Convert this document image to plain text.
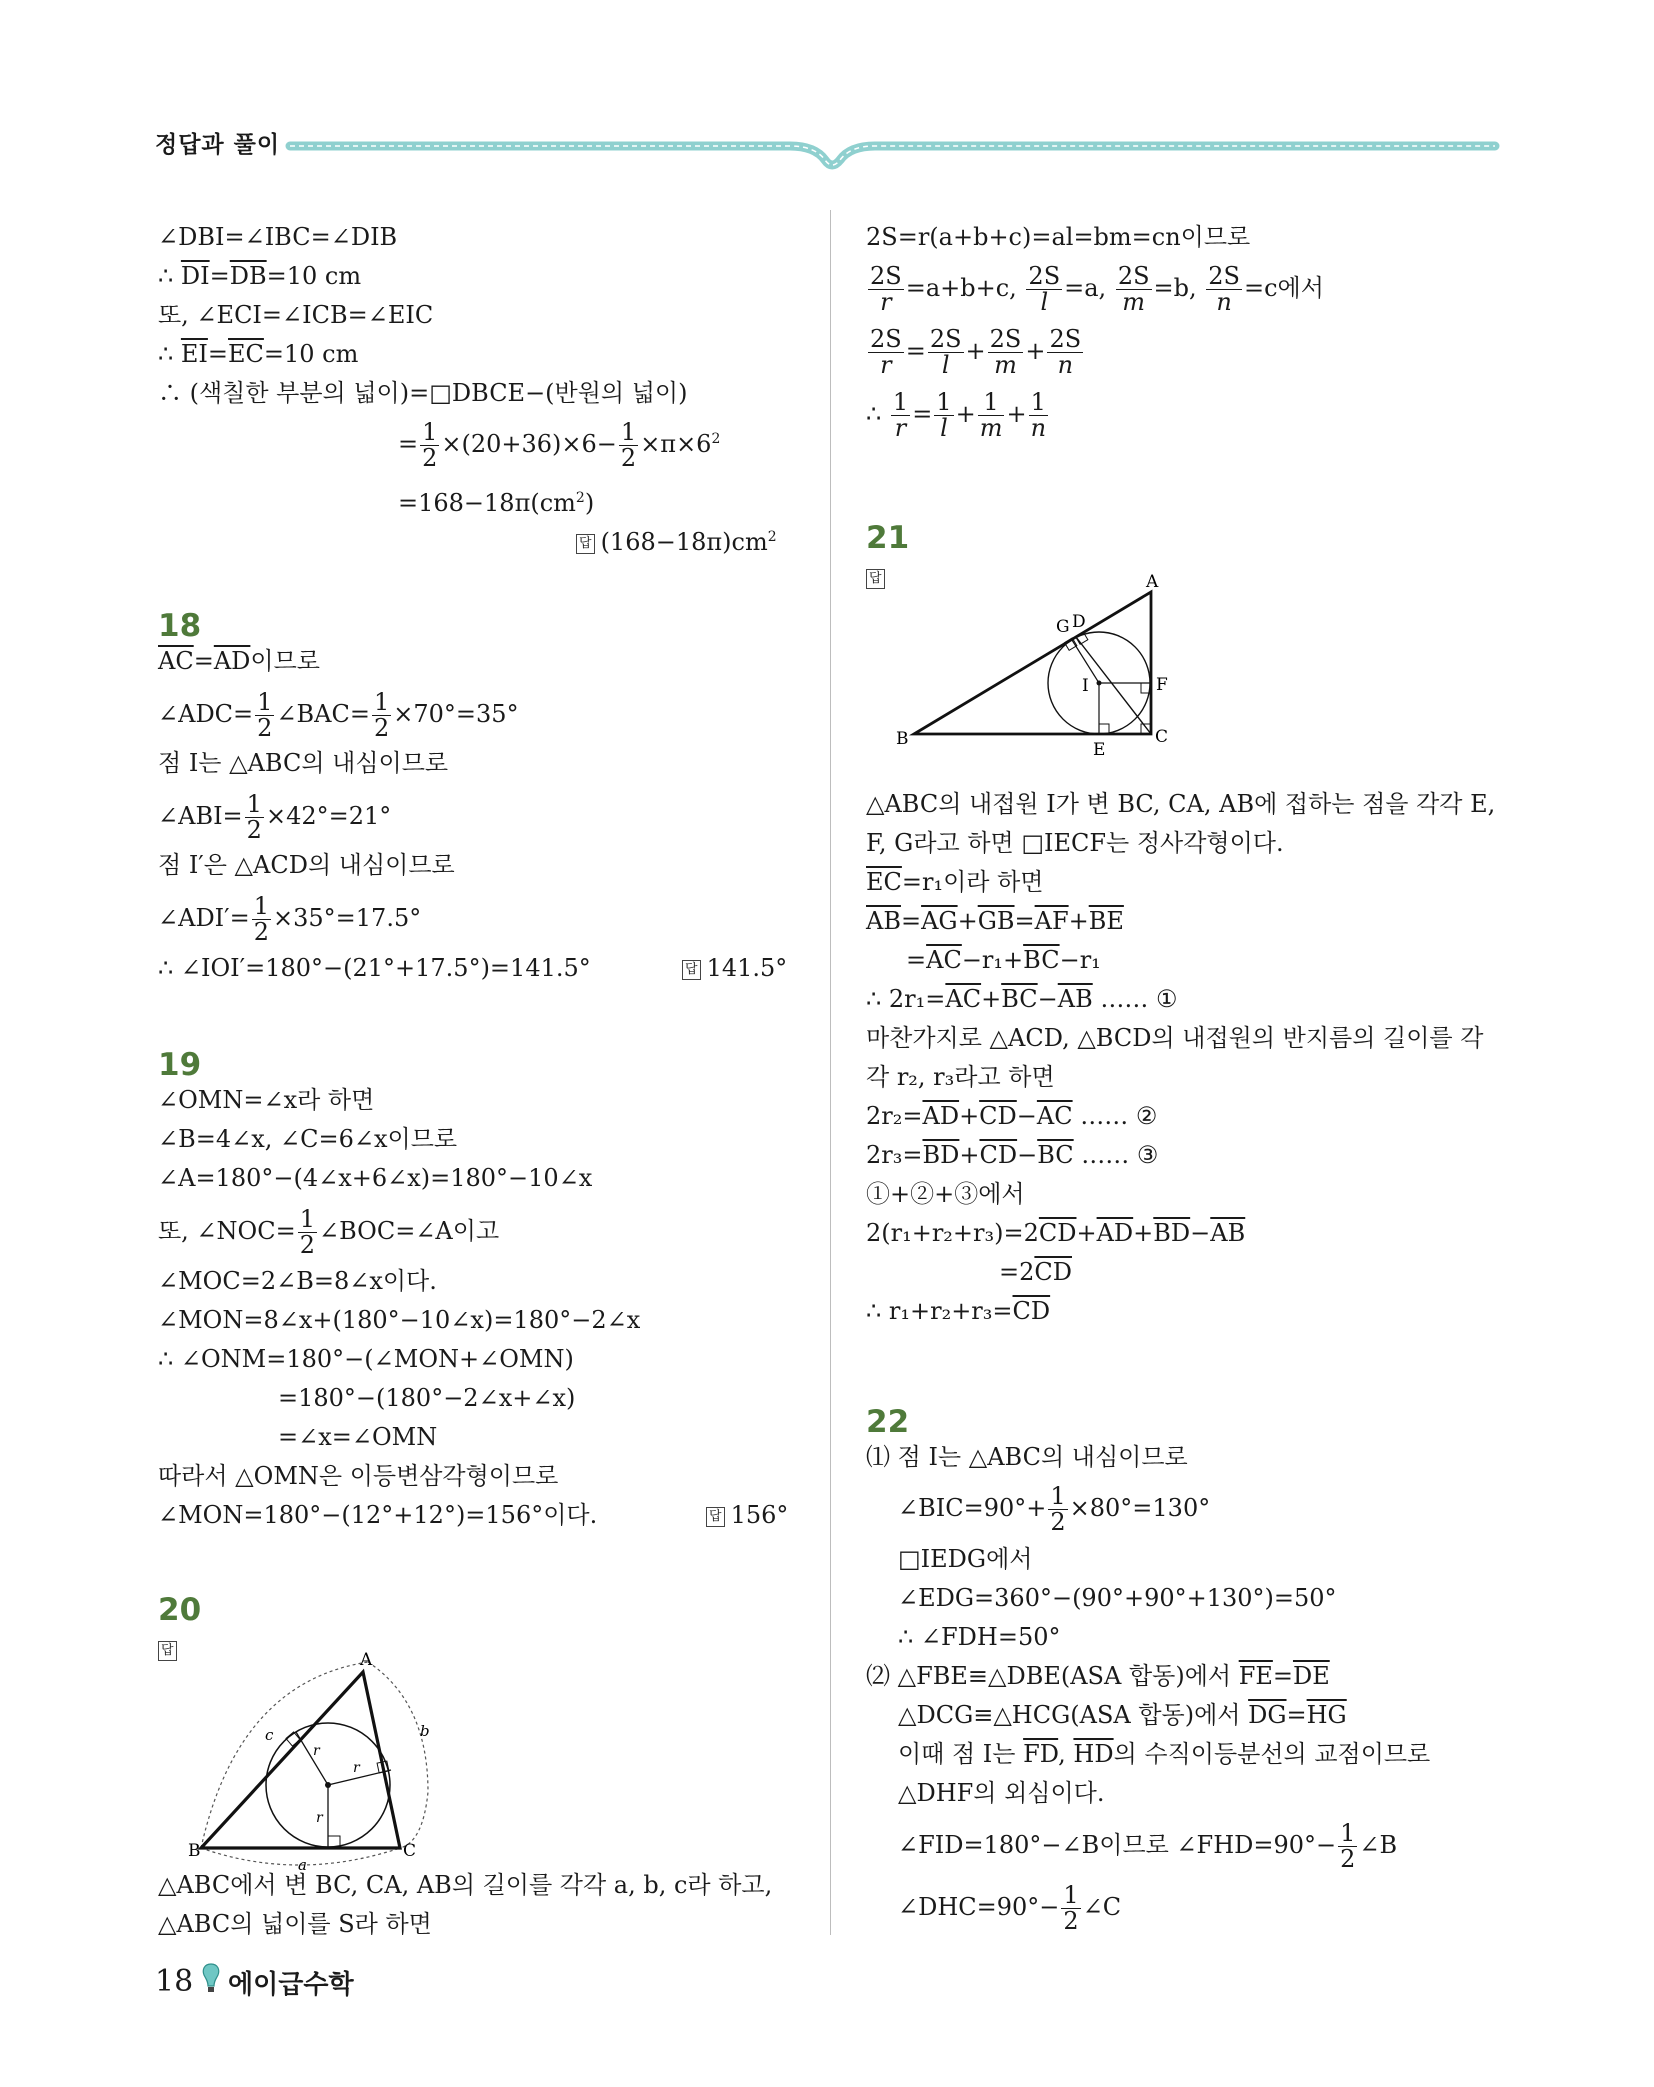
정답과 풀이
∠DBI=∠IBC=∠DIB
∴ $\overline{DI}=\overline{DB}=10$ cm
또, ∠ECI=∠ICB=∠EIC
∴ $\overline{EI}=\overline{EC}=10$ cm
∴ (색칠한 부분의 넓이)=□DBCE−(반원의 넓이)
= $\frac{1}{2} \times(20+36)\times 6- \frac{1}{2} \times\pi\times 6^2$
$=168-18\pi(cm^2)$
답 $(168-18\pi)cm^2$
18
$\overline{AC}=\overline{AD}$이므로
∠ADC= $\frac{1}{2}$ ∠BAC= $\frac{1}{2} \times 70^\circ=35^\circ$
점 I는 △ABC의 내심이므로
∠ABI= $\frac{1}{2} \times 42^\circ=21^\circ$
점 I′은 △ACD의 내심이므로
∠ADI′= $\frac{1}{2} \times 35^\circ=17.5^\circ$
∴ ∠IOI′=180°−(21°+17.5°)=141.5°	답 141.5°
19
∠OMN=∠x라 하면
∠B=4∠x, ∠C=6∠x이므로
∠A=180°−(4∠x+6∠x)=180°−10∠x
또, ∠NOC= $\frac{1}{2}$ ∠BOC=∠A이고
∠MOC=2∠B=8∠x이다.
∠MON=8∠x+(180°−10∠x)=180°−2∠x
∴ ∠ONM=180°−(∠MON+∠OMN)
=180°−(180°−2∠x+∠x)
=∠x=∠OMN
따라서 △OMN은 이등변삼각형이므로
∠MON=180°−(12°+12°)=156°이다.	답 156°
20
답	A
B	C
a
b
c
r
r
r
△ABC에서 변 BC, CA, AB의 길이를 각각 a, b, c라 하고,
△ABC의 넓이를 S라 하면
2S=r(a+b+c)=al=bm=cn이므로
$\frac{2S}{r} =a+b+c$, $\frac{2S}{l} =a$, $\frac{2S}{m} =b$, $\frac{2S}{n} =c$에서
$\frac{2S}{r} = \frac{2S}{l} + \frac{2S}{m} + \frac{2S}{n}$
∴ $\frac{1}{r} = \frac{1}{l} + \frac{1}{m} + \frac{1}{n}$
21
답	A
B	C
D
E
F
G
I
△ABC의 내접원 I가 변 BC, CA, AB에 접하는 점을 각각 E,
F, G라고 하면 □IECF는 정사각형이다.
$\overline{EC}=r_1$이라 하면
$\overline{AB}=\overline{AG}+\overline{GB}=\overline{AF}+\overline{BE}$
$=\overline{AC}-r_1+\overline{BC}-r_1$
∴ $2r_1=\overline{AC}+\overline{BC}-\overline{AB}$ …… ①
마찬가지로 △ACD, △BCD의 내접원의 반지름의 길이를 각
각 r₂, r₃라고 하면
$2r_2=\overline{AD}+\overline{CD}-\overline{AC}$ …… ②
$2r_3=\overline{BD}+\overline{CD}-\overline{BC}$ …… ③
①+②+③에서
$2(r_1+r_2+r_3)=2\overline{CD}+\overline{AD}+\overline{BD}-\overline{AB}$
$=2\overline{CD}$
∴ $r_1+r_2+r_3=\overline{CD}$
22
⑴ 점 I는 △ABC의 내심이므로
∠BIC=90°+ $\frac{1}{2} \times 80^\circ=130^\circ$
□IEDG에서
∠EDG=360°−(90°+90°+130°)=50°
∴ ∠FDH=50°
⑵ △FBE≡△DBE(ASA 합동)에서 $\overline{FE}=\overline{DE}$
△DCG≡△HCG(ASA 합동)에서 $\overline{DG}=\overline{HG}$
이때 점 I는 $\overline{FD}$, $\overline{HD}$의 수직이등분선의 교점이므로
△DHF의 외심이다.
∠FID=180°−∠B이므로 ∠FHD=90°− $\frac{1}{2}$ ∠B
∠DHC=90°− $\frac{1}{2}$ ∠C
18 에이급수학
